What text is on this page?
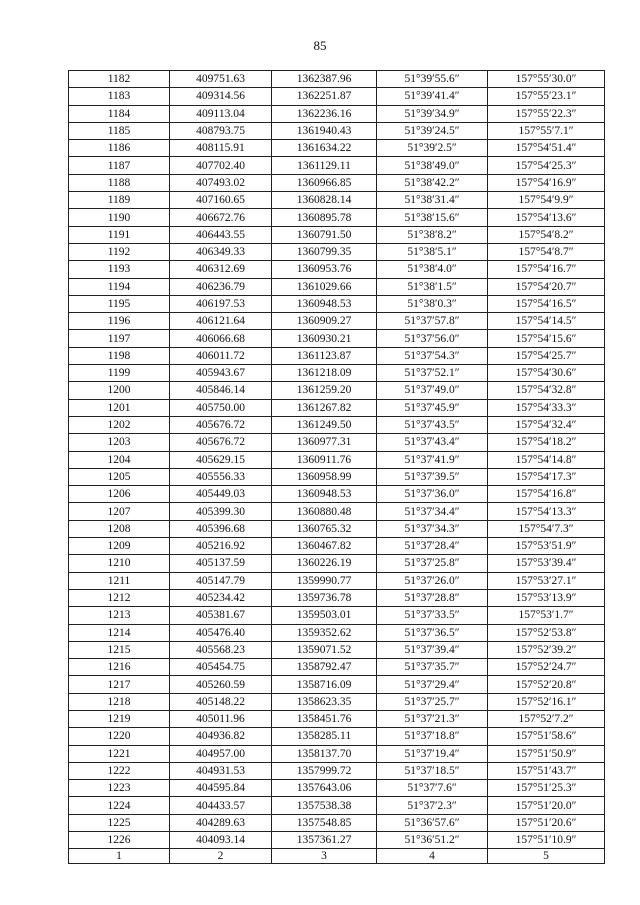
85
1182	409751.63	1362387.96	51°39′55.6″	157°55′30.0″
1183	409314.56	1362251.87	51°39′41.4″	157°55′23.1″
1184	409113.04	1362236.16	51°39′34.9″	157°55′22.3″
1185	408793.75	1361940.43	51°39′24.5″	157°55′7.1″
1186	408115.91	1361634.22	51°39′2.5″	157°54′51.4″
1187	407702.40	1361129.11	51°38′49.0″	157°54′25.3″
1188	407493.02	1360966.85	51°38′42.2″	157°54′16.9″
1189	407160.65	1360828.14	51°38′31.4″	157°54′9.9″
1190	406672.76	1360895.78	51°38′15.6″	157°54′13.6″
1191	406443.55	1360791.50	51°38′8.2″	157°54′8.2″
1192	406349.33	1360799.35	51°38′5.1″	157°54′8.7″
1193	406312.69	1360953.76	51°38′4.0″	157°54′16.7″
1194	406236.79	1361029.66	51°38′1.5″	157°54′20.7″
1195	406197.53	1360948.53	51°38′0.3″	157°54′16.5″
1196	406121.64	1360909.27	51°37′57.8″	157°54′14.5″
1197	406066.68	1360930.21	51°37′56.0″	157°54′15.6″
1198	406011.72	1361123.87	51°37′54.3″	157°54′25.7″
1199	405943.67	1361218.09	51°37′52.1″	157°54′30.6″
1200	405846.14	1361259.20	51°37′49.0″	157°54′32.8″
1201	405750.00	1361267.82	51°37′45.9″	157°54′33.3″
1202	405676.72	1361249.50	51°37′43.5″	157°54′32.4″
1203	405676.72	1360977.31	51°37′43.4″	157°54′18.2″
1204	405629.15	1360911.76	51°37′41.9″	157°54′14.8″
1205	405556.33	1360958.99	51°37′39.5″	157°54′17.3″
1206	405449.03	1360948.53	51°37′36.0″	157°54′16.8″
1207	405399.30	1360880.48	51°37′34.4″	157°54′13.3″
1208	405396.68	1360765.32	51°37′34.3″	157°54′7.3″
1209	405216.92	1360467.82	51°37′28.4″	157°53′51.9″
1210	405137.59	1360226.19	51°37′25.8″	157°53′39.4″
1211	405147.79	1359990.77	51°37′26.0″	157°53′27.1″
1212	405234.42	1359736.78	51°37′28.8″	157°53′13.9″
1213	405381.67	1359503.01	51°37′33.5″	157°53′1.7″
1214	405476.40	1359352.62	51°37′36.5″	157°52′53.8″
1215	405568.23	1359071.52	51°37′39.4″	157°52′39.2″
1216	405454.75	1358792.47	51°37′35.7″	157°52′24.7″
1217	405260.59	1358716.09	51°37′29.4″	157°52′20.8″
1218	405148.22	1358623.35	51°37′25.7″	157°52′16.1″
1219	405011.96	1358451.76	51°37′21.3″	157°52′7.2″
1220	404936.82	1358285.11	51°37′18.8″	157°51′58.6″
1221	404957.00	1358137.70	51°37′19.4″	157°51′50.9″
1222	404931.53	1357999.72	51°37′18.5″	157°51′43.7″
1223	404595.84	1357643.06	51°37′7.6″	157°51′25.3″
1224	404433.57	1357538.38	51°37′2.3″	157°51′20.0″
1225	404289.63	1357548.85	51°36′57.6″	157°51′20.6″
1226	404093.14	1357361.27	51°36′51.2″	157°51′10.9″
1	2	3	4	5
